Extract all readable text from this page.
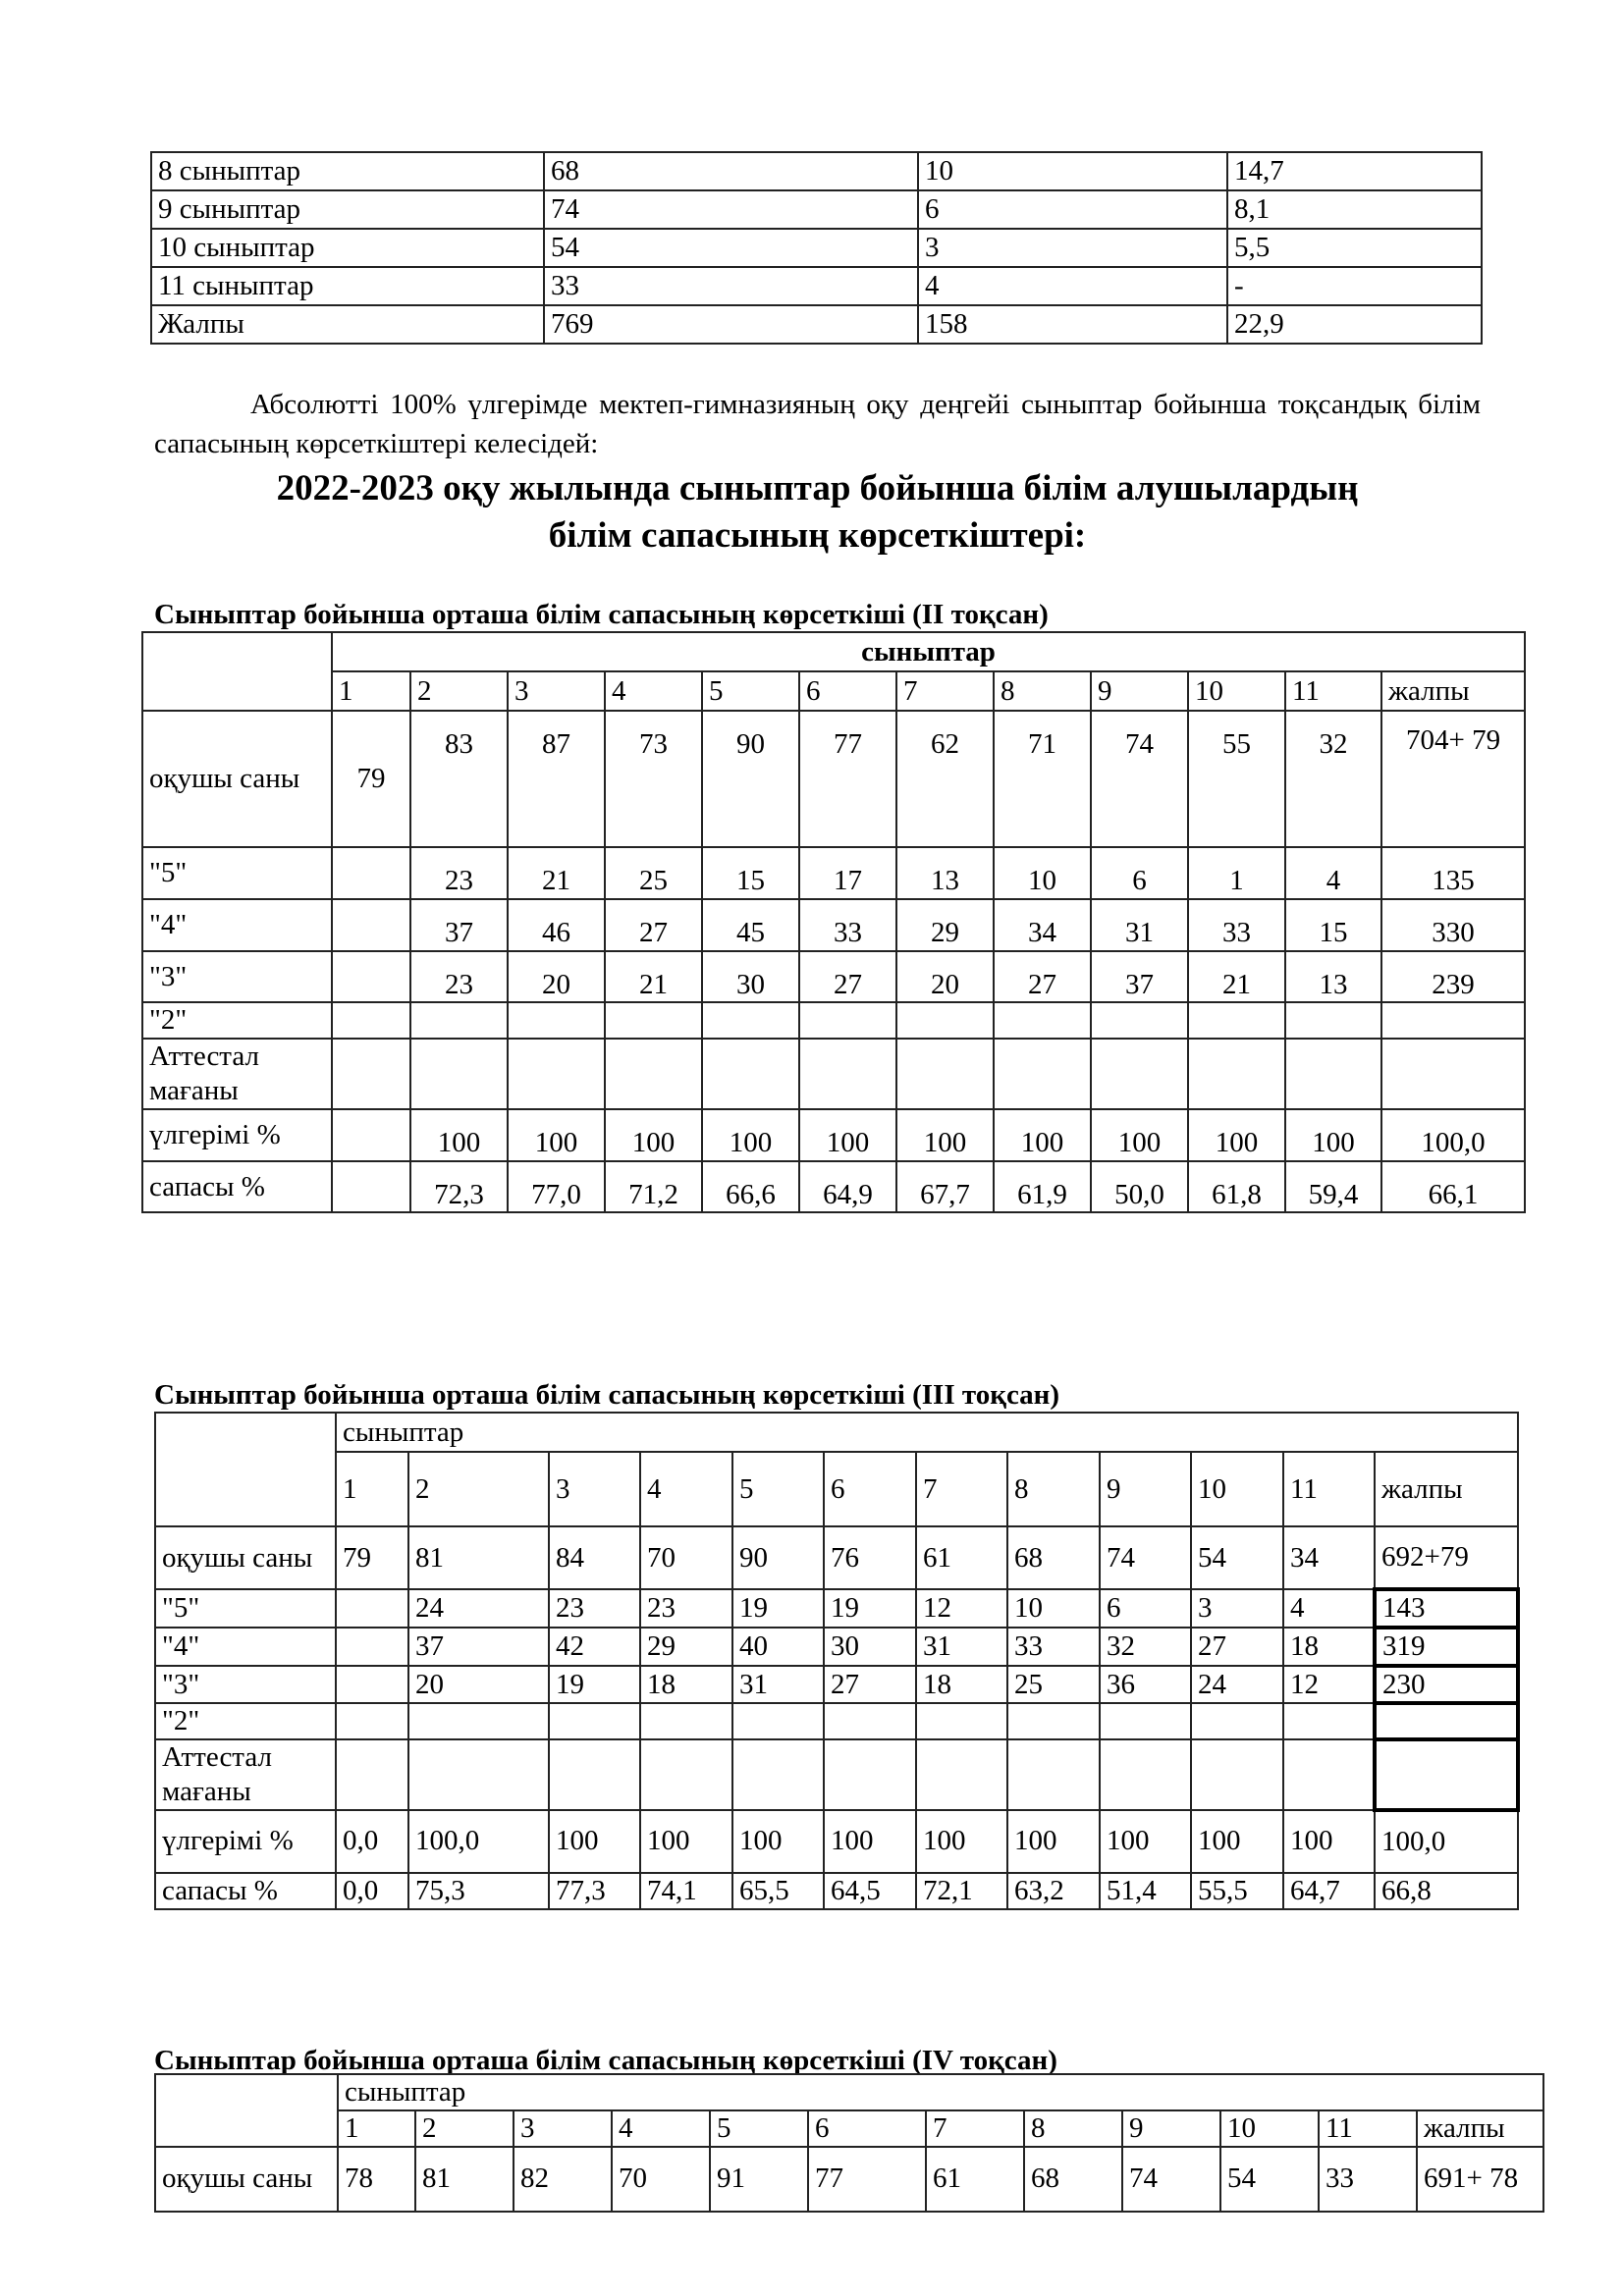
8 сыныптар	68	10	14,7
9 сыныптар	74	6	8,1
10 сыныптар	54	3	5,5
11 сыныптар	33	4	-
Жалпы	769	158	22,9
Абсолютті 100% үлгерімде мектеп-гимназияның оқу деңгейі сыныптар бойынша тоқсандық білім сапасының көрсеткіштері келесідей:
2022-2023 оқу жылында сыныптар бойынша білім алушылардың
білім сапасының көрсеткіштері:
Сыныптар бойынша орташа білім сапасының көрсеткіші (II тоқсан)
	сыныптар											
	1	2	3	4	5	6	7	8	9	10	11	жалпы
оқушы саны	79	83	87	73	90	77	62	71	74	55	32	704+ 79
"5"		23	21	25	15	17	13	10	6	1	4	135
"4"		37	46	27	45	33	29	34	31	33	15	330
"3"		23	20	21	30	27	20	27	37	21	13	239
"2"												
Аттестал мағаны												
үлгерімі %		100	100	100	100	100	100	100	100	100	100	100,0
сапасы %		72,3	77,0	71,2	66,6	64,9	67,7	61,9	50,0	61,8	59,4	66,1
Сыныптар бойынша орташа білім сапасының көрсеткіші (III тоқсан)
	сыныптар											
	1	2	3	4	5	6	7	8	9	10	11	жалпы
оқушы саны	79	81	84	70	90	76	61	68	74	54	34	692+79
"5"		24	23	23	19	19	12	10	6	3	4	143
"4"		37	42	29	40	30	31	33	32	27	18	319
"3"		20	19	18	31	27	18	25	36	24	12	230
"2"												
Аттестал мағаны												
үлгерімі %	0,0	100,0	100	100	100	100	100	100	100	100	100	100,0
сапасы %	0,0	75,3	77,3	74,1	65,5	64,5	72,1	63,2	51,4	55,5	64,7	66,8
Сыныптар бойынша орташа білім сапасының көрсеткіші (IV тоқсан)
	сыныптар											
	1	2	3	4	5	6	7	8	9	10	11	жалпы
оқушы саны	78	81	82	70	91	77	61	68	74	54	33	691+ 78
